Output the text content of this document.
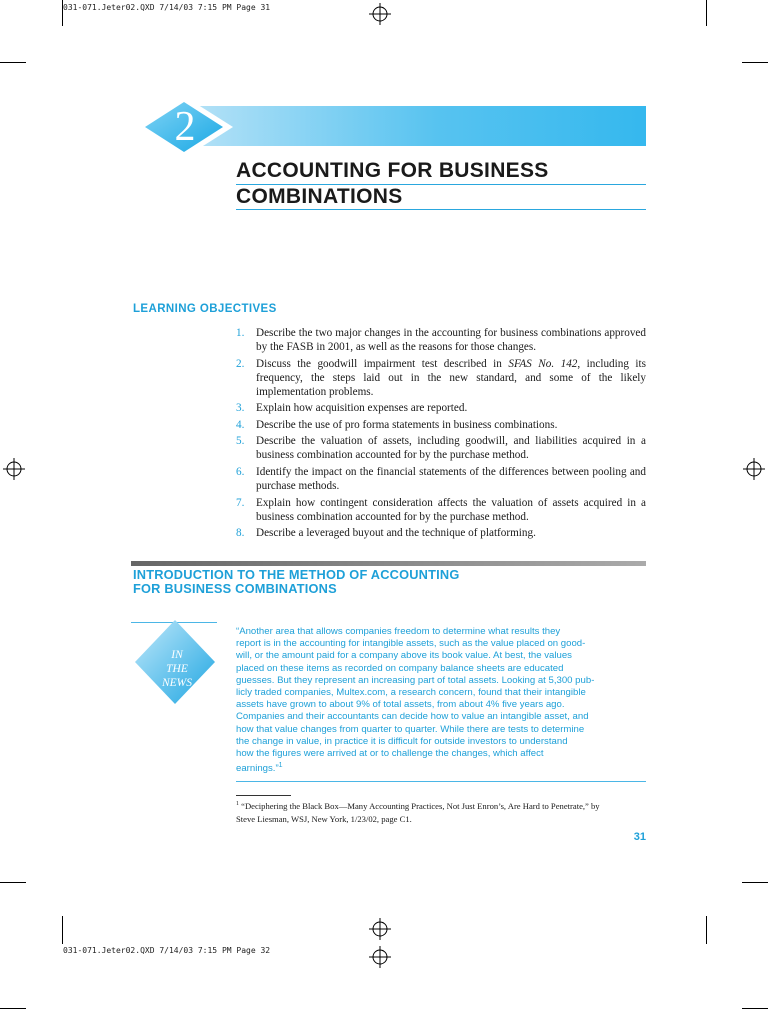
031-071.Jeter02.QXD 7/14/03 7:15 PM Page 31
2
ACCOUNTING FOR BUSINESS
COMBINATIONS
LEARNING OBJECTIVES
1. Describe the two major changes in the accounting for business combinations approved by the FASB in 2001, as well as the reasons for those changes.
2. Discuss the goodwill impairment test described in SFAS No. 142, including its frequency, the steps laid out in the new standard, and some of the likely implementation problems.
3. Explain how acquisition expenses are reported.
4. Describe the use of pro forma statements in business combinations.
5. Describe the valuation of assets, including goodwill, and liabilities acquired in a business combination accounted for by the purchase method.
6. Identify the impact on the financial statements of the differences between pooling and purchase methods.
7. Explain how contingent consideration affects the valuation of assets acquired in a business combination accounted for by the purchase method.
8. Describe a leveraged buyout and the technique of platforming.
INTRODUCTION TO THE METHOD OF ACCOUNTING
FOR BUSINESS COMBINATIONS
IN
THE
NEWS
“Another area that allows companies freedom to determine what results they
report is in the accounting for intangible assets, such as the value placed on good-
will, or the amount paid for a company above its book value. At best, the values
placed on these items as recorded on company balance sheets are educated
guesses. But they represent an increasing part of total assets. Looking at 5,300 pub-
licly traded companies, Multex.com, a research concern, found that their intangible
assets have grown to about 9% of total assets, from about 4% five years ago.
Companies and their accountants can decide how to value an intangible asset, and
how that value changes from quarter to quarter. While there are tests to determine
the change in value, in practice it is difficult for outside investors to understand
how the figures were arrived at or to challenge the changes, which affect
earnings.”$^1$
$^1$ “Deciphering the Black Box—Many Accounting Practices, Not Just Enron’s, Are Hard to Penetrate,” by
Steve Liesman, WSJ, New York, 1/23/02, page C1.
31
031-071.Jeter02.QXD 7/14/03 7:15 PM Page 32
